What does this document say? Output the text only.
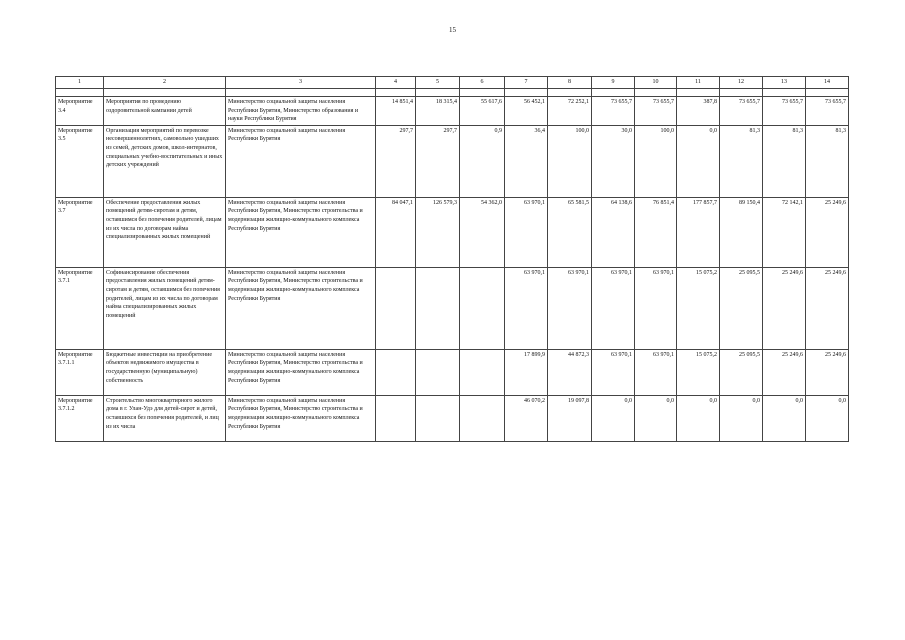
15
1	2	3	4	5	6	7	8	9	10	11	12	13	14

Мероприятие 3.4	Мероприятия по проведению оздоровительной кампании детей	Министерство социальной защиты населения Республики Бурятия, Министерство образования и науки Республики Бурятия	14 851,4	18 315,4	55 617,6	56 452,1	72 252,1	73 655,7	73 655,7	387,8	73 655,7	73 655,7	73 655,7
Мероприятие 3.5	Организация мероприятий по перевозке несовершеннолетних, самовольно ушедших из семей, детских домов, школ-интернатов, специальных учебно-воспитательных и иных детских учреждений	Министерство социальной защиты населения Республики Бурятия	297,7	297,7	0,9	36,4	100,0	30,0	100,0	0,0	81,3	81,3	81,3
Мероприятие 3.7	Обеспечение предоставления жилых помещений детям-сиротам и детям, оставшимся без попечения родителей, лицам из их числа по договорам найма специализированных жилых помещений	Министерство социальной защиты населения Республики Бурятия, Министерство строительства и модернизации жилищно-коммунального комплекса Республики Бурятия	84 047,1	126 579,3	54 362,0	63 970,1	65 581,5	64 138,6	76 851,4	177 857,7	89 150,4	72 142,1	25 249,6
Мероприятие 3.7.1	Софинансирование обеспечения предоставления жилых помещений детям-сиротам и детям, оставшимся без попечения родителей, лицам из их числа по договорам найма специализированных жилых помещений	Министерство социальной защиты населения Республики Бурятия, Министерство строительства и модернизации жилищно-коммунального комплекса Республики Бурятия				63 970,1	63 970,1	63 970,1	63 970,1	15 075,2	25 095,5	25 249,6	25 249,6
Мероприятие 3.7.1.1	Бюджетные инвестиции на приобретение объектов недвижимого имущества в государственную (муниципальную) собственность	Министерство социальной защиты населения Республики Бурятия, Министерство строительства и модернизации жилищно-коммунального комплекса Республики Бурятия				17 899,9	44 872,3	63 970,1	63 970,1	15 075,2	25 095,5	25 249,6	25 249,6
Мероприятие 3.7.1.2	Строительство многоквартирного жилого дома в г. Улан-Удэ для детей-сирот и детей, оставшихся без попечения родителей, и лиц из их числа	Министерство социальной защиты населения Республики Бурятия, Министерство строительства и модернизации жилищно-коммунального комплекса Республики Бурятия				46 070,2	19 097,8	0,0	0,0	0,0	0,0	0,0	0,0
